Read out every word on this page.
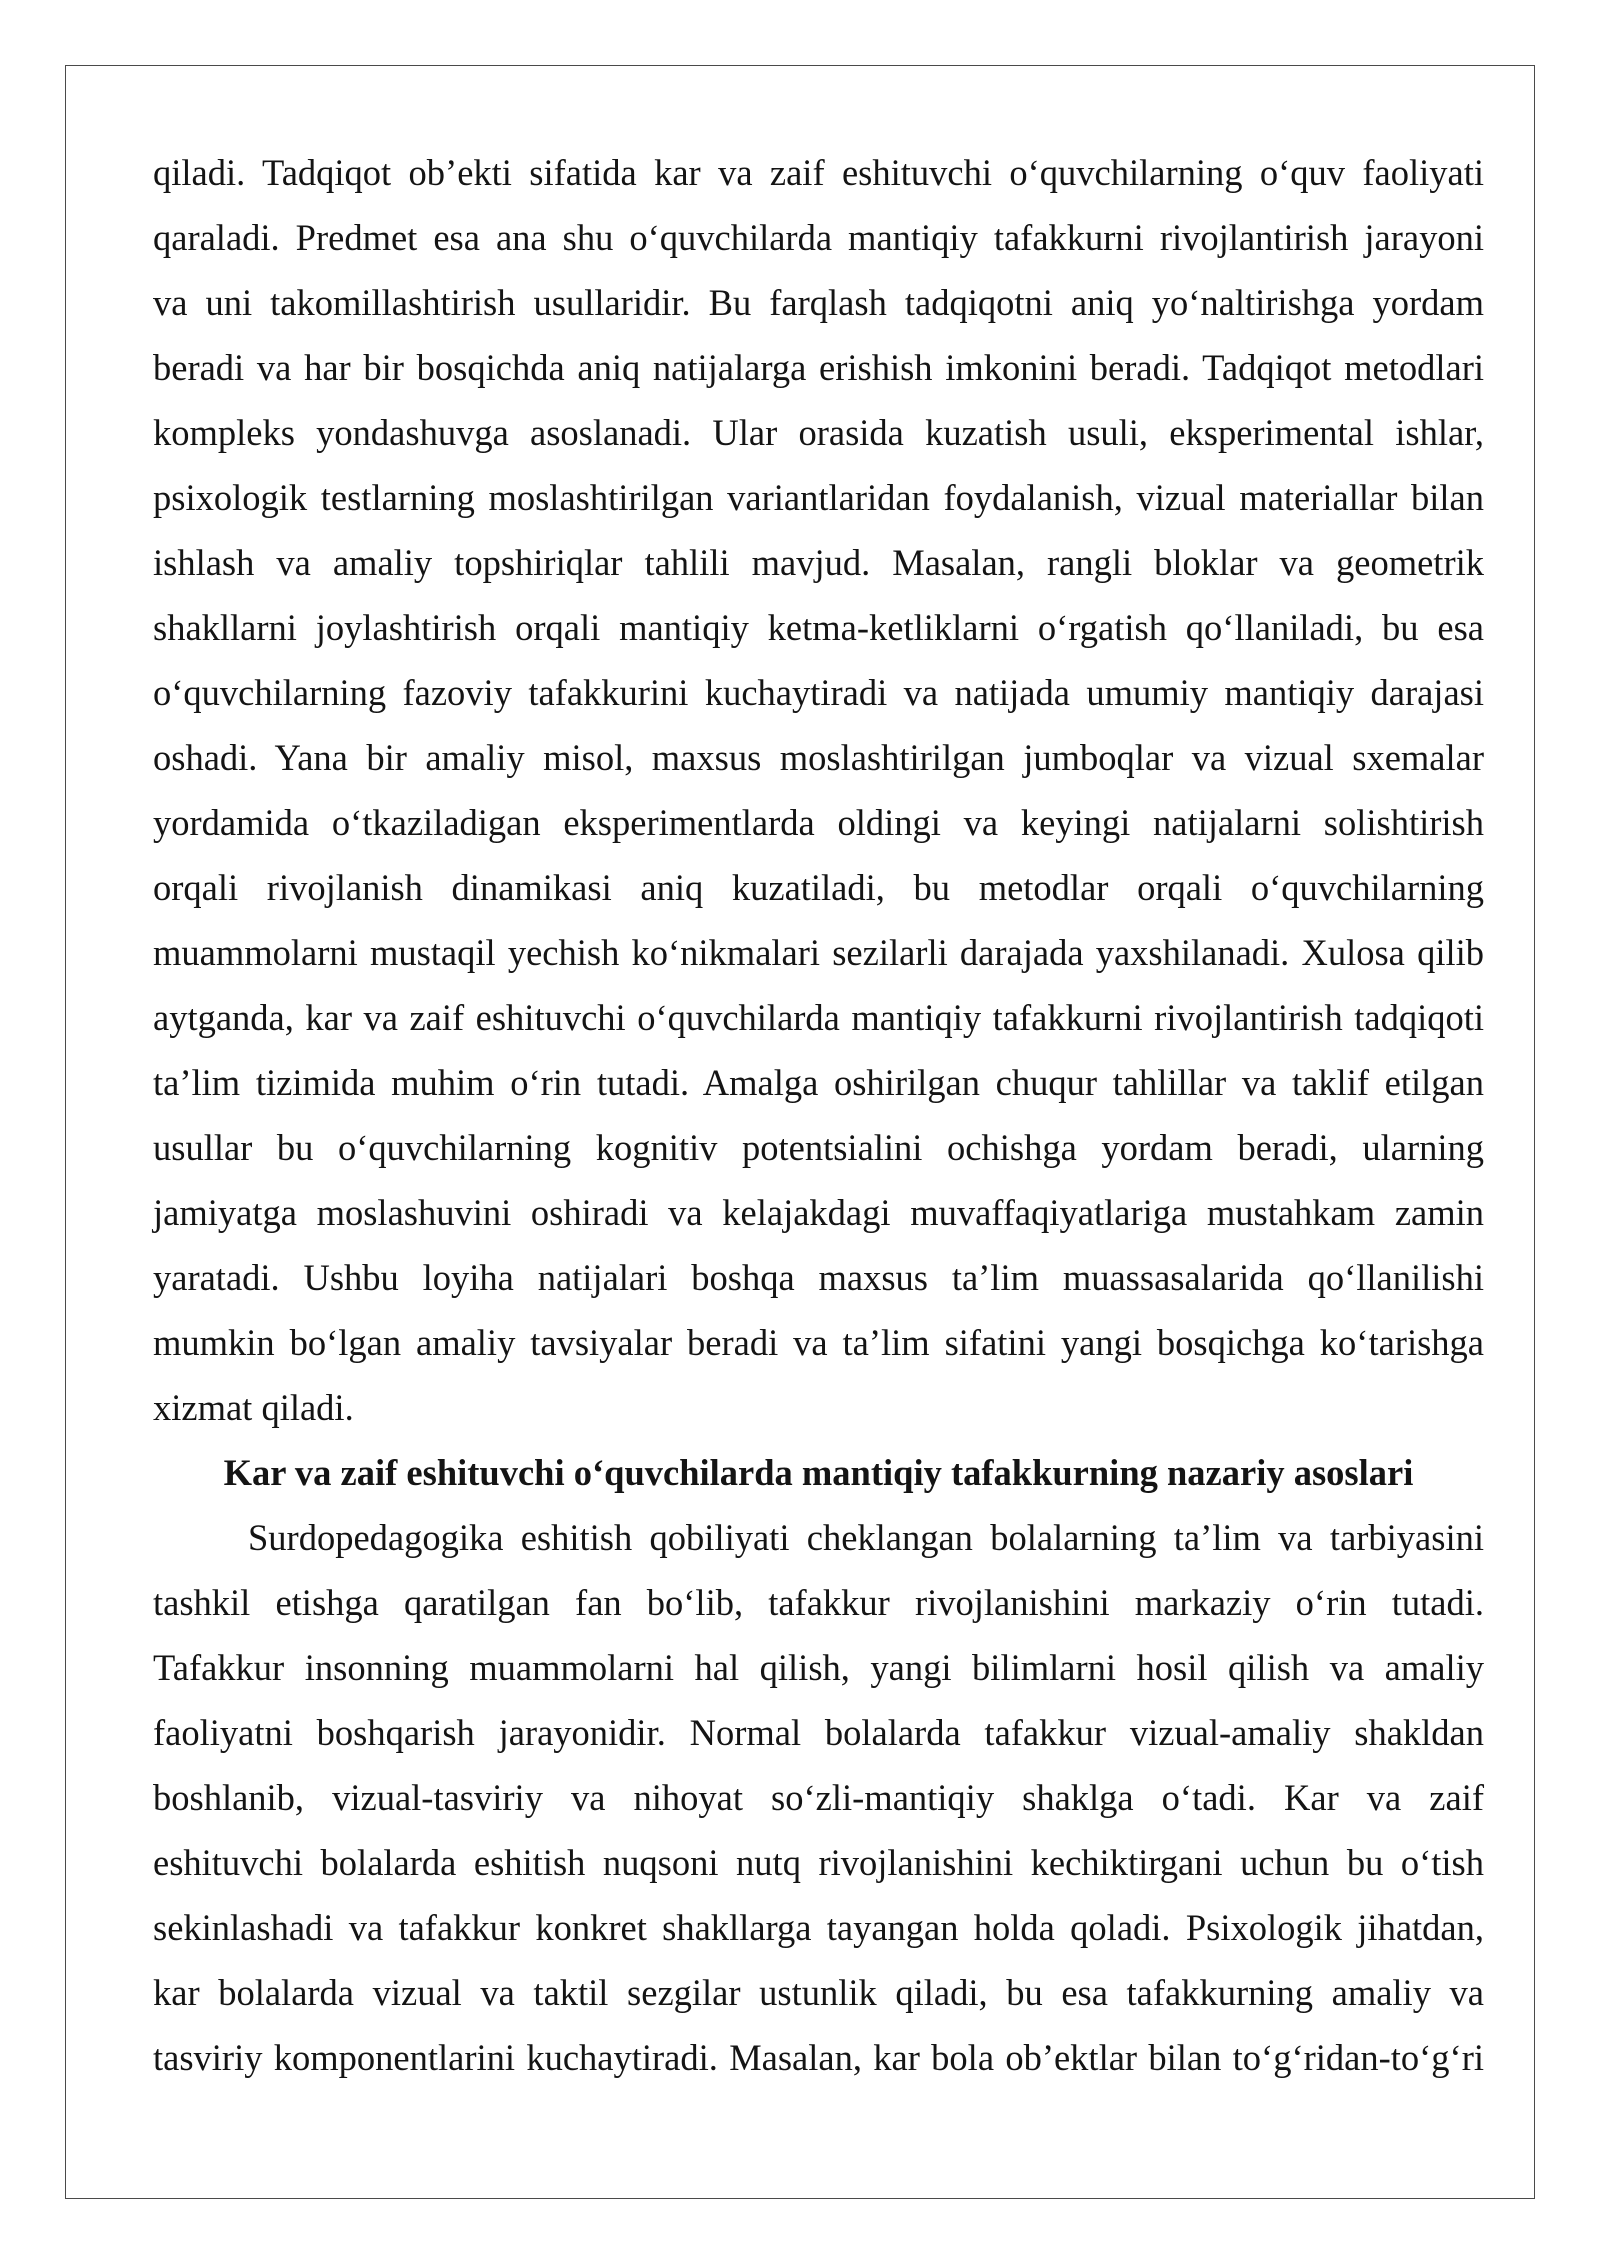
qiladi. Tadqiqot ob’ekti sifatida kar va zaif eshituvchi o‘quvchilarning o‘quv faoliyati
qaraladi. Predmet esa ana shu o‘quvchilarda mantiqiy tafakkurni rivojlantirish jarayoni
va uni takomillashtirish usullaridir. Bu farqlash tadqiqotni aniq yo‘naltirishga yordam
beradi va har bir bosqichda aniq natijalarga erishish imkonini beradi. Tadqiqot metodlari
kompleks yondashuvga asoslanadi. Ular orasida kuzatish usuli, eksperimental ishlar,
psixologik testlarning moslashtirilgan variantlaridan foydalanish, vizual materiallar bilan
ishlash va amaliy topshiriqlar tahlili mavjud. Masalan, rangli bloklar va geometrik
shakllarni joylashtirish orqali mantiqiy ketma-ketliklarni o‘rgatish qo‘llaniladi, bu esa
o‘quvchilarning fazoviy tafakkurini kuchaytiradi va natijada umumiy mantiqiy darajasi
oshadi. Yana bir amaliy misol, maxsus moslashtirilgan jumboqlar va vizual sxemalar
yordamida o‘tkaziladigan eksperimentlarda oldingi va keyingi natijalarni solishtirish
orqali rivojlanish dinamikasi aniq kuzatiladi, bu metodlar orqali o‘quvchilarning
muammolarni mustaqil yechish ko‘nikmalari sezilarli darajada yaxshilanadi. Xulosa qilib
aytganda, kar va zaif eshituvchi o‘quvchilarda mantiqiy tafakkurni rivojlantirish tadqiqoti
ta’lim tizimida muhim o‘rin tutadi. Amalga oshirilgan chuqur tahlillar va taklif etilgan
usullar bu o‘quvchilarning kognitiv potentsialini ochishga yordam beradi, ularning
jamiyatga moslashuvini oshiradi va kelajakdagi muvaffaqiyatlariga mustahkam zamin
yaratadi. Ushbu loyiha natijalari boshqa maxsus ta’lim muassasalarida qo‘llanilishi
mumkin bo‘lgan amaliy tavsiyalar beradi va ta’lim sifatini yangi bosqichga ko‘tarishga
xizmat qiladi.
Kar va zaif eshituvchi o‘quvchilarda mantiqiy tafakkurning nazariy asoslari
Surdopedagogika eshitish qobiliyati cheklangan bolalarning ta’lim va tarbiyasini
tashkil etishga qaratilgan fan bo‘lib, tafakkur rivojlanishini markaziy o‘rin tutadi.
Tafakkur insonning muammolarni hal qilish, yangi bilimlarni hosil qilish va amaliy
faoliyatni boshqarish jarayonidir. Normal bolalarda tafakkur vizual-amaliy shakldan
boshlanib, vizual-tasviriy va nihoyat so‘zli-mantiqiy shaklga o‘tadi. Kar va zaif
eshituvchi bolalarda eshitish nuqsoni nutq rivojlanishini kechiktirgani uchun bu o‘tish
sekinlashadi va tafakkur konkret shakllarga tayangan holda qoladi. Psixologik jihatdan,
kar bolalarda vizual va taktil sezgilar ustunlik qiladi, bu esa tafakkurning amaliy va
tasviriy komponentlarini kuchaytiradi. Masalan, kar bola ob’ektlar bilan to‘g‘ridan-to‘g‘ri
